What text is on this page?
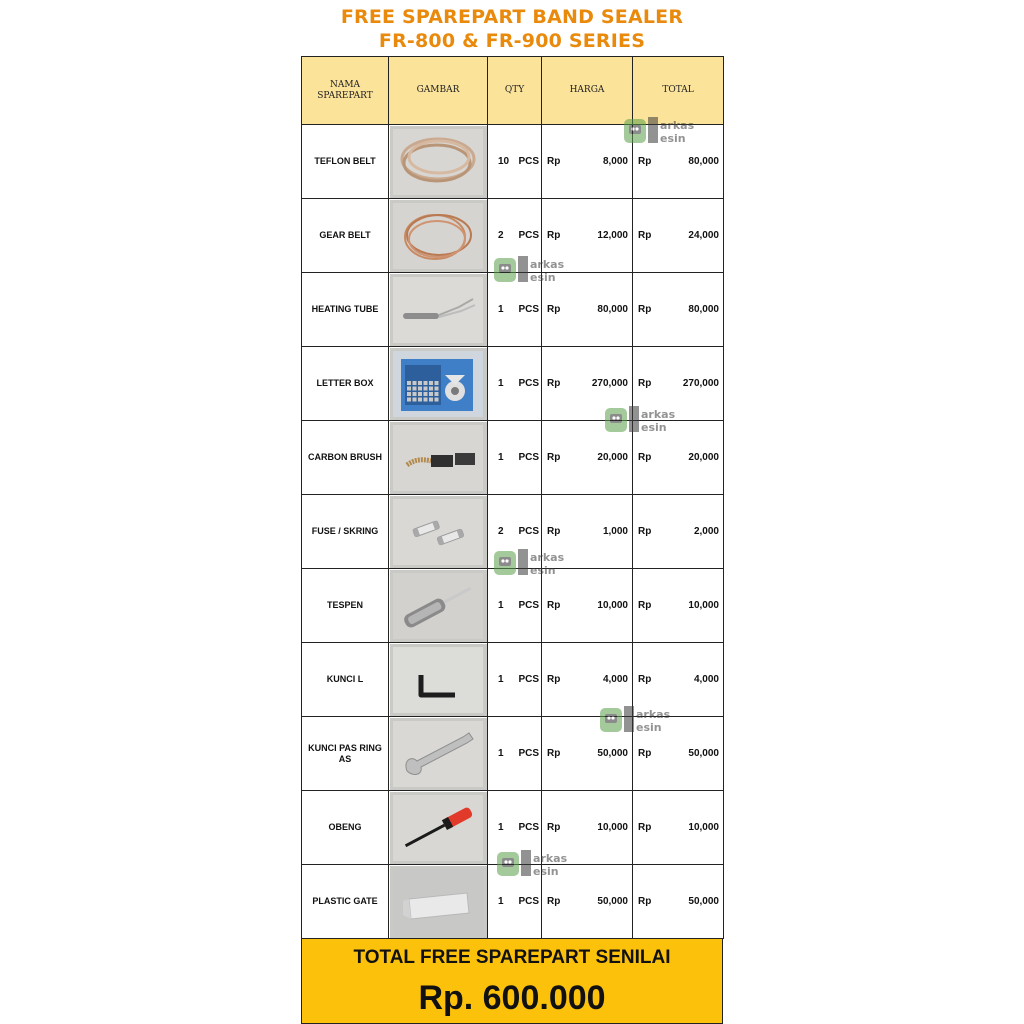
FREE SPAREPART BAND SEALER
FR-800 & FR-900 SERIES
NAMA SPAREPART	GAMBAR	QTY	HARGA	TOTAL
TEFLON BELT		10 PCS	Rp 8,000	Rp 80,000

GEAR BELT		2 PCS	Rp 12,000	Rp 24,000

HEATING TUBE		1 PCS	Rp 80,000	Rp 80,000

LETTER BOX		1 PCS	Rp 270,000	Rp 270,000

CARBON BRUSH		1 PCS	Rp 20,000	Rp 20,000

FUSE / SKRING		2 PCS	Rp 1,000	Rp 2,000

TESPEN		1 PCS	Rp 10,000	Rp 10,000

KUNCI L		1 PCS	Rp 4,000	Rp 4,000

KUNCI PAS RING AS		1 PCS	Rp 50,000	Rp 50,000

OBENG		1 PCS	Rp 10,000	Rp 10,000

PLASTIC GATE		1 PCS	Rp 50,000	Rp 50,000
TOTAL FREE SPAREPART SENILAI
Rp. 600.000
arkas
esin
arkas
esin
arkas
esin
arkas
esin
arkas
esin
arkas
esin
